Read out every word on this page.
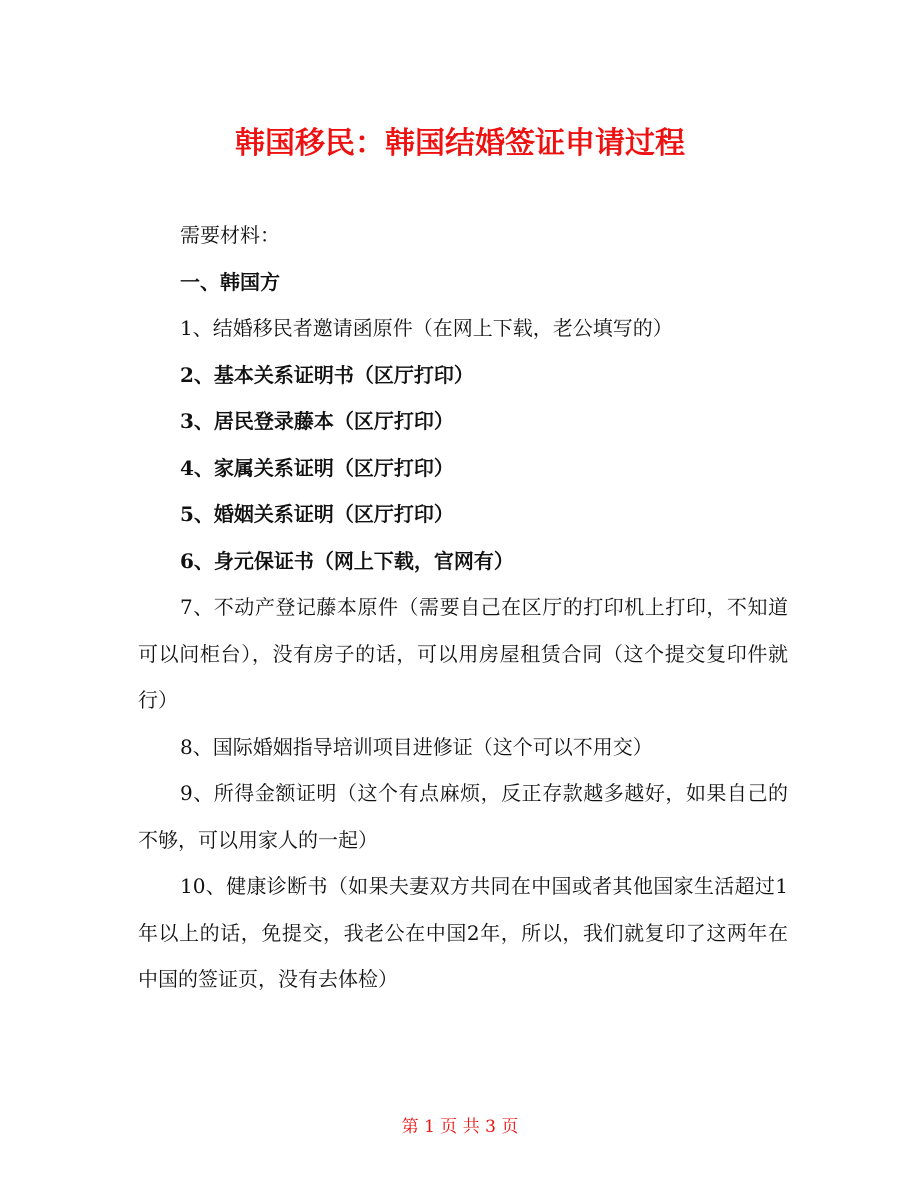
韩国移民：韩国结婚签证申请过程

需要材料：

一、韩国方

1、结婚移民者邀请函原件（在网上下载，老公填写的）

2、基本关系证明书（区厅打印）

3、居民登录藤本（区厅打印）

4、家属关系证明（区厅打印）

5、婚姻关系证明（区厅打印）

6、身元保证书（网上下载，官网有）

7、不动产登记藤本原件（需要自己在区厅的打印机上打印，不知道可以问柜台），没有房子的话，可以用房屋租赁合同（这个提交复印件就行）

8、国际婚姻指导培训项目进修证（这个可以不用交）

9、所得金额证明（这个有点麻烦，反正存款越多越好，如果自己的不够，可以用家人的一起）

10、健康诊断书（如果夫妻双方共同在中国或者其他国家生活超过1年以上的话，免提交，我老公在中国2年，所以，我们就复印了这两年在中国的签证页，没有去体检）

第 1 页 共 3 页
